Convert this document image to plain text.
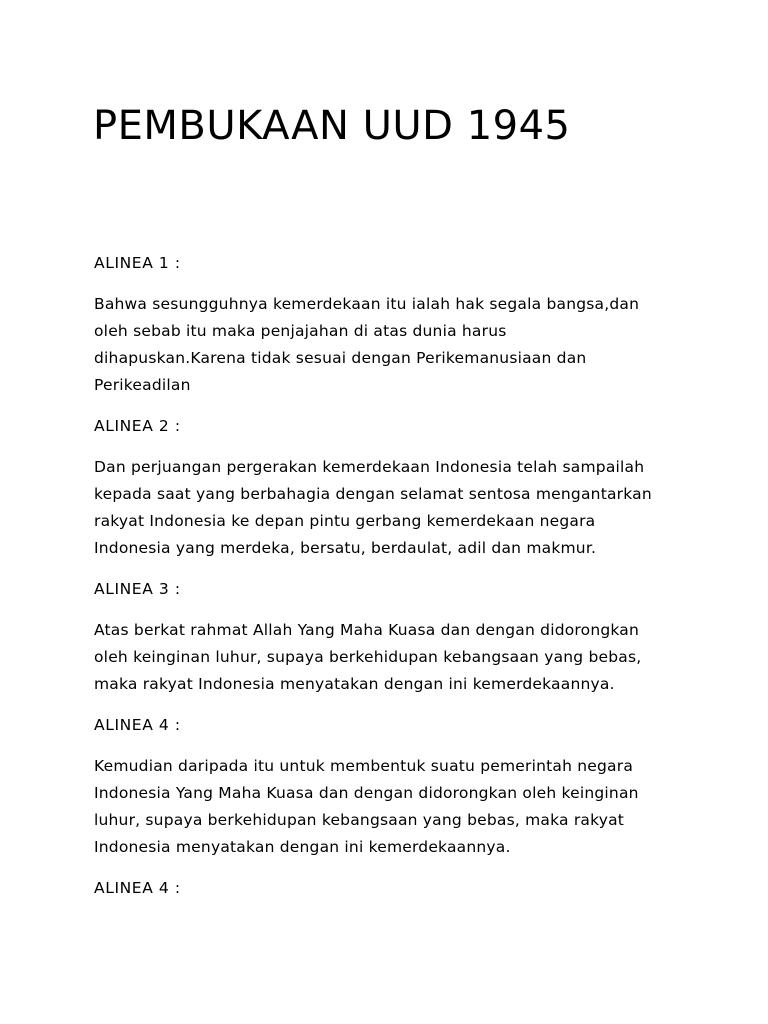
PEMBUKAAN UUD 1945

ALINEA 1 :

Bahwa sesungguhnya kemerdekaan itu ialah hak segala bangsa,dan
oleh sebab itu maka penjajahan di atas dunia harus
dihapuskan.Karena tidak sesuai dengan Perikemanusiaan dan
Perikeadilan

ALINEA 2 :

Dan perjuangan pergerakan kemerdekaan Indonesia telah sampailah
kepada saat yang berbahagia dengan selamat sentosa mengantarkan
rakyat Indonesia ke depan pintu gerbang kemerdekaan negara
Indonesia yang merdeka, bersatu, berdaulat, adil dan makmur.

ALINEA 3 :

Atas berkat rahmat Allah Yang Maha Kuasa dan dengan didorongkan
oleh keinginan luhur, supaya berkehidupan kebangsaan yang bebas,
maka rakyat Indonesia menyatakan dengan ini kemerdekaannya.

ALINEA 4 :

Kemudian daripada itu untuk membentuk suatu pemerintah negara
Indonesia Yang Maha Kuasa dan dengan didorongkan oleh keinginan
luhur, supaya berkehidupan kebangsaan yang bebas, maka rakyat
Indonesia menyatakan dengan ini kemerdekaannya.

ALINEA 4 :
